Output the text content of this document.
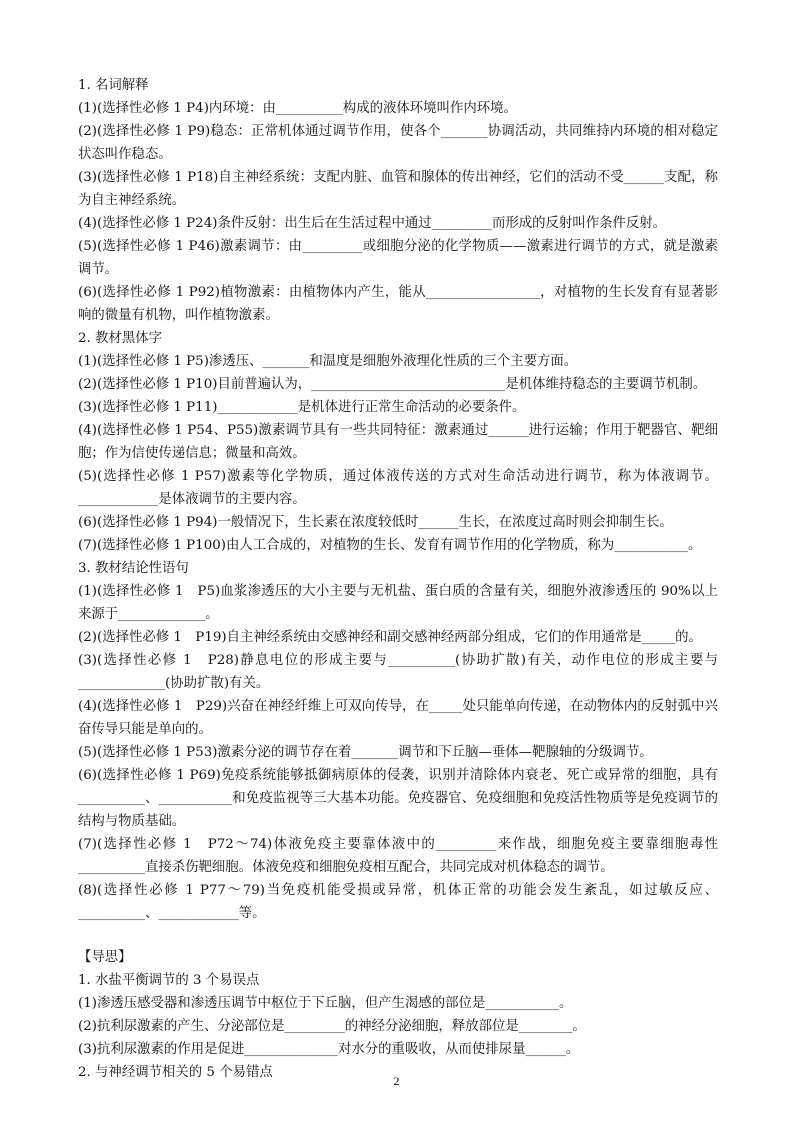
1. 名词解释

(1)(选择性必修 1 P4)内环境：由__________构成的液体环境叫作内环境。

(2)(选择性必修 1 P9)稳态：正常机体通过调节作用，使各个_______协调活动，共同维持内环境的相对稳定状态叫作稳态。

(3)(选择性必修 1 P18)自主神经系统：支配内脏、血管和腺体的传出神经，它们的活动不受______支配，称为自主神经系统。

(4)(选择性必修 1 P24)条件反射：出生后在生活过程中通过_________而形成的反射叫作条件反射。

(5)(选择性必修 1 P46)激素调节：由_________或细胞分泌的化学物质——激素进行调节的方式，就是激素调节。

(6)(选择性必修 1 P92)植物激素：由植物体内产生，能从_________________，对植物的生长发育有显著影响的微量有机物，叫作植物激素。

2. 教材黑体字

(1)(选择性必修 1 P5)渗透压、_______和温度是细胞外液理化性质的三个主要方面。

(2)(选择性必修 1 P10)目前普遍认为，_____________________________是机体维持稳态的主要调节机制。

(3)(选择性必修 1 P11)____________是机体进行正常生命活动的必要条件。

(4)(选择性必修 1 P54、P55)激素调节具有一些共同特征：激素通过______进行运输；作用于靶器官、靶细胞；作为信使传递信息；微量和高效。

(5)(选择性必修 1 P57)激素等化学物质，通过体液传送的方式对生命活动进行调节，称为体液调节。____________是体液调节的主要内容。

(6)(选择性必修 1 P94)一般情况下，生长素在浓度较低时______生长，在浓度过高时则会抑制生长。

(7)(选择性必修 1 P100)由人工合成的，对植物的生长、发育有调节作用的化学物质，称为___________。

3. 教材结论性语句

(1)(选择性必修 1　P5)血浆渗透压的大小主要与无机盐、蛋白质的含量有关，细胞外液渗透压的 90%以上来源于_____________。

(2)(选择性必修 1　P19)自主神经系统由交感神经和副交感神经两部分组成，它们的作用通常是_____的。

(3)(选择性必修 1　P28)静息电位的形成主要与__________(协助扩散)有关，动作电位的形成主要与_____________(协助扩散)有关。

(4)(选择性必修 1　P29)兴奋在神经纤维上可双向传导，在_____处只能单向传递，在动物体内的反射弧中兴奋传导只能是单向的。

(5)(选择性必修 1 P53)激素分泌的调节存在着_______调节和下丘脑—垂体—靶腺轴的分级调节。

(6)(选择性必修 1 P69)免疫系统能够抵御病原体的侵袭，识别并清除体内衰老、死亡或异常的细胞，具有__________、___________和免疫监视等三大基本功能。免疫器官、免疫细胞和免疫活性物质等是免疫调节的结构与物质基础。

(7)(选择性必修 1　P72～74)体液免疫主要靠体液中的_________来作战，细胞免疫主要靠细胞毒性__________直接杀伤靶细胞。体液免疫和细胞免疫相互配合，共同完成对机体稳态的调节。

(8)(选择性必修 1 P77～79)当免疫机能受损或异常，机体正常的功能会发生紊乱，如过敏反应、__________、____________等。

【导思】

1. 水盐平衡调节的 3 个易误点

(1)渗透压感受器和渗透压调节中枢位于下丘脑，但产生渴感的部位是___________。

(2)抗利尿激素的产生、分泌部位是_________的神经分泌细胞，释放部位是________。

(3)抗利尿激素的作用是促进______________对水分的重吸收，从而使排尿量______。

2. 与神经调节相关的 5 个易错点

2
